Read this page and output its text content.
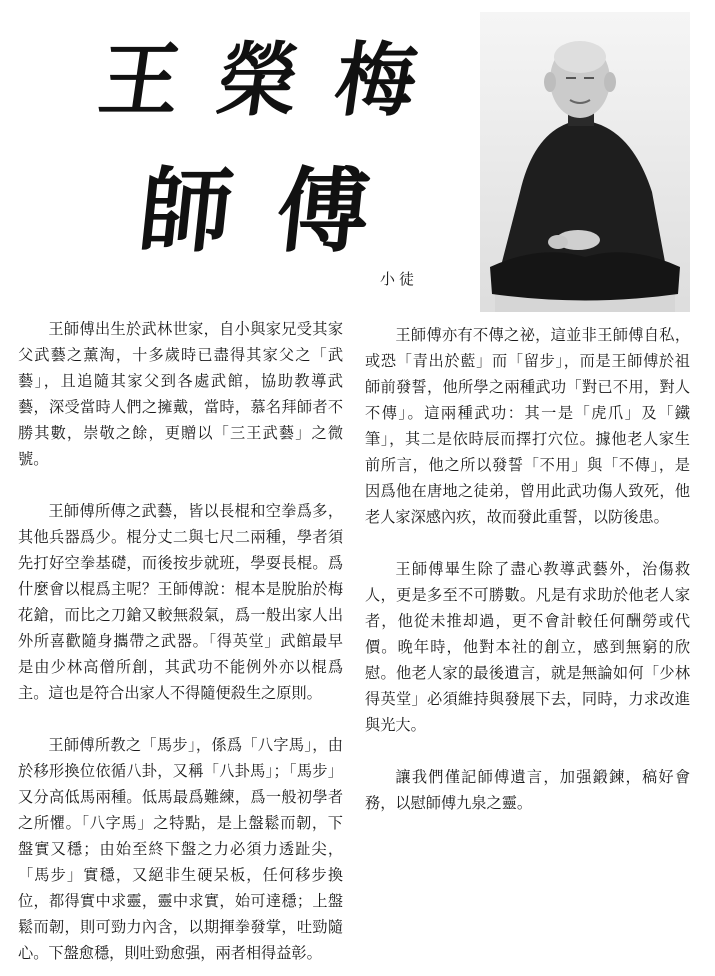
王榮梅
師傅
小徒

王師傅出生於武林世家，自小與家兄受其家父武藝之薰淘，十多歲時已盡得其家父之「武藝」，且追隨其家父到各處武館，協助教導武藝，深受當時人們之擁戴，當時，慕名拜師者不勝其數，崇敬之餘，更贈以「三王武藝」之微號。

王師傅所傳之武藝，皆以長棍和空拳爲多，其他兵器爲少。棍分丈二與七尺二兩種，學者須先打好空拳基礎，而後按步就班，學耍長棍。爲什麼會以棍爲主呢？王師傅說：棍本是脫胎於梅花鎗，而比之刀鎗又較無殺氣，爲一般出家人出外所喜歡隨身攜帶之武器。「得英堂」武館最早是由少林高僧所創，其武功不能例外亦以棍爲主。這也是符合出家人不得隨便殺生之原則。

王師傅所教之「馬步」，係爲「八字馬」，由於移形換位依循八卦，又稱「八卦馬」；「馬步」又分高低馬兩種。低馬最爲難練，爲一般初學者之所懼。「八字馬」之特點，是上盤鬆而韌，下盤實又穩；由始至終下盤之力必須力透趾尖，「馬步」實穩，又絕非生硬呆板，任何移步換位，都得實中求靈，靈中求實，始可達穩；上盤鬆而韌，則可勁力內含，以期揮拳發掌，吐勁隨心。下盤愈穩，則吐勁愈强，兩者相得益彰。

王師傅亦有不傳之祕，這並非王師傅自私，或恐「青出於藍」而「留步」，而是王師傅於祖師前發誓，他所學之兩種武功「對已不用，對人不傳」。這兩種武功：其一是「虎爪」及「鐵筆」，其二是依時辰而擇打穴位。據他老人家生前所言，他之所以發誓「不用」與「不傳」，是因爲他在唐地之徒弟，曾用此武功傷人致死，他老人家深感內疚，故而發此重誓，以防後患。

王師傅畢生除了盡心教導武藝外，治傷救人，更是多至不可勝數。凡是有求助於他老人家者，他從未推却過，更不會計較任何酬勞或代價。晚年時，他對本社的創立，感到無窮的欣慰。他老人家的最後遺言，就是無論如何「少林得英堂」必須維持與發展下去，同時，力求改進與光大。

讓我們僅記師傅遺言，加强鍛鍊，稿好會務，以慰師傅九泉之靈。
